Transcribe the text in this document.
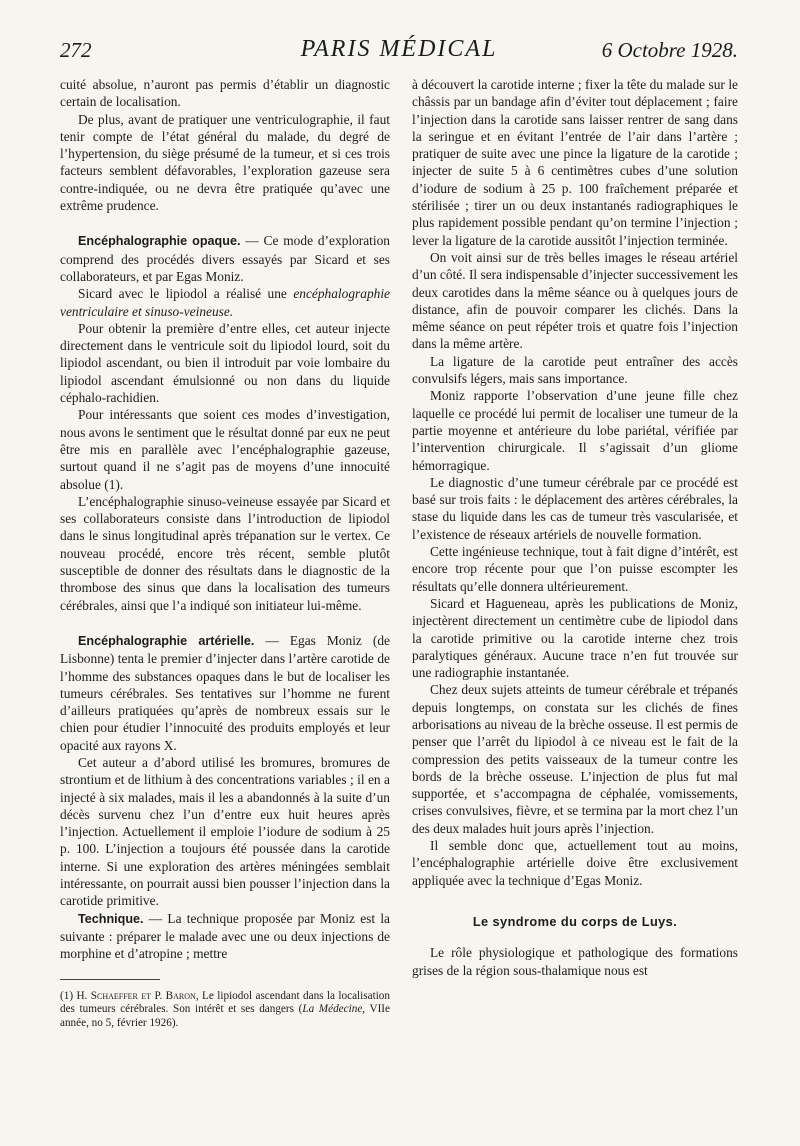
272	PARIS MÉDICAL	6 Octobre 1928.

cuité absolue, n’auront pas permis d’établir un diagnostic certain de localisation.

De plus, avant de pratiquer une ventriculographie, il faut tenir compte de l’état général du malade, du degré de l’hypertension, du siège présumé de la tumeur, et si ces trois facteurs semblent défavorables, l’exploration gazeuse sera contre-indiquée, ou ne devra être pratiquée qu’avec une extrême prudence.

Encéphalographie opaque. — Ce mode d’exploration comprend des procédés divers essayés par Sicard et ses collaborateurs, et par Egas Moniz.

Sicard avec le lipiodol a réalisé une encéphalographie ventriculaire et sinuso-veineuse.

Pour obtenir la première d’entre elles, cet auteur injecte directement dans le ventricule soit du lipiodol lourd, soit du lipiodol ascendant, ou bien il introduit par voie lombaire du lipiodol ascendant émulsionné ou non dans du liquide céphalo-rachidien.

Pour intéressants que soient ces modes d’investigation, nous avons le sentiment que le résultat donné par eux ne peut être mis en parallèle avec l’encéphalographie gazeuse, surtout quand il ne s’agit pas de moyens d’une innocuité absolue (1).

L’encéphalographie sinuso-veineuse essayée par Sicard et ses collaborateurs consiste dans l’introduction de lipiodol dans le sinus longitudinal après trépanation sur le vertex. Ce nouveau procédé, encore très récent, semble plutôt susceptible de donner des résultats dans le diagnostic de la thrombose des sinus que dans la localisation des tumeurs cérébrales, ainsi que l’a indiqué son initiateur lui-même.

Encéphalographie artérielle. — Egas Moniz (de Lisbonne) tenta le premier d’injecter dans l’artère carotide de l’homme des substances opaques dans le but de localiser les tumeurs cérébrales. Ses tentatives sur l’homme ne furent d’ailleurs pratiquées qu’après de nombreux essais sur le chien pour étudier l’innocuité des produits employés et leur opacité aux rayons X.

Cet auteur a d’abord utilisé les bromures, bromures de strontium et de lithium à des concentrations variables ; il en a injecté à six malades, mais il les a abandonnés à la suite d’un décès survenu chez l’un d’entre eux huit heures après l’injection. Actuellement il emploie l’iodure de sodium à 25 p. 100. L’injection a toujours été poussée dans la carotide interne. Si une exploration des artères méningées semblait intéressante, on pourrait aussi bien pousser l’injection dans la carotide primitive.

Technique. — La technique proposée par Moniz est la suivante : préparer le malade avec une ou deux injections de morphine et d’atropine ; mettre

(1) H. Schaeffer et P. Baron, Le lipiodol ascendant dans la localisation des tumeurs cérébrales. Son intérêt et ses dangers (La Médecine, VIIe année, no 5, février 1926).

à découvert la carotide interne ; fixer la tête du malade sur le châssis par un bandage afin d’éviter tout déplacement ; faire l’injection dans la carotide sans laisser rentrer de sang dans la seringue et en évitant l’entrée de l’air dans l’artère ; pratiquer de suite avec une pince la ligature de la carotide ; injecter de suite 5 à 6 centimètres cubes d’une solution d’iodure de sodium à 25 p. 100 fraîchement préparée et stérilisée ; tirer un ou deux instantanés radiographiques le plus rapidement possible pendant qu’on termine l’injection ; lever la ligature de la carotide aussitôt l’injection terminée.

On voit ainsi sur de très belles images le réseau artériel d’un côté. Il sera indispensable d’injecter successivement les deux carotides dans la même séance ou à quelques jours de distance, afin de pouvoir comparer les clichés. Dans la même séance on peut répéter trois et quatre fois l’injection dans la même artère.

La ligature de la carotide peut entraîner des accès convulsifs légers, mais sans importance.

Moniz rapporte l’observation d’une jeune fille chez laquelle ce procédé lui permit de localiser une tumeur de la partie moyenne et antérieure du lobe pariétal, vérifiée par l’intervention chirurgicale. Il s’agissait d’un gliome hémorragique.

Le diagnostic d’une tumeur cérébrale par ce procédé est basé sur trois faits : le déplacement des artères cérébrales, la stase du liquide dans les cas de tumeur très vascularisée, et l’existence de réseaux artériels de nouvelle formation.

Cette ingénieuse technique, tout à fait digne d’intérêt, est encore trop récente pour que l’on puisse escompter les résultats qu’elle donnera ultérieurement.

Sicard et Hagueneau, après les publications de Moniz, injectèrent directement un centimètre cube de lipiodol dans la carotide primitive ou la carotide interne chez trois paralytiques généraux. Aucune trace n’en fut trouvée sur une radiographie instantanée.

Chez deux sujets atteints de tumeur cérébrale et trépanés depuis longtemps, on constata sur les clichés de fines arborisations au niveau de la brèche osseuse. Il est permis de penser que l’arrêt du lipiodol à ce niveau est le fait de la compression des petits vaisseaux de la tumeur contre les bords de la brèche osseuse. L’injection de plus fut mal supportée, et s’accompagna de céphalée, vomissements, crises convulsives, fièvre, et se termina par la mort chez l’un des deux malades huit jours après l’injection.

Il semble donc que, actuellement tout au moins, l’encéphalographie artérielle doive être exclusivement appliquée avec la technique d’Egas Moniz.

Le syndrome du corps de Luys.

Le rôle physiologique et pathologique des formations grises de la région sous-thalamique nous est
